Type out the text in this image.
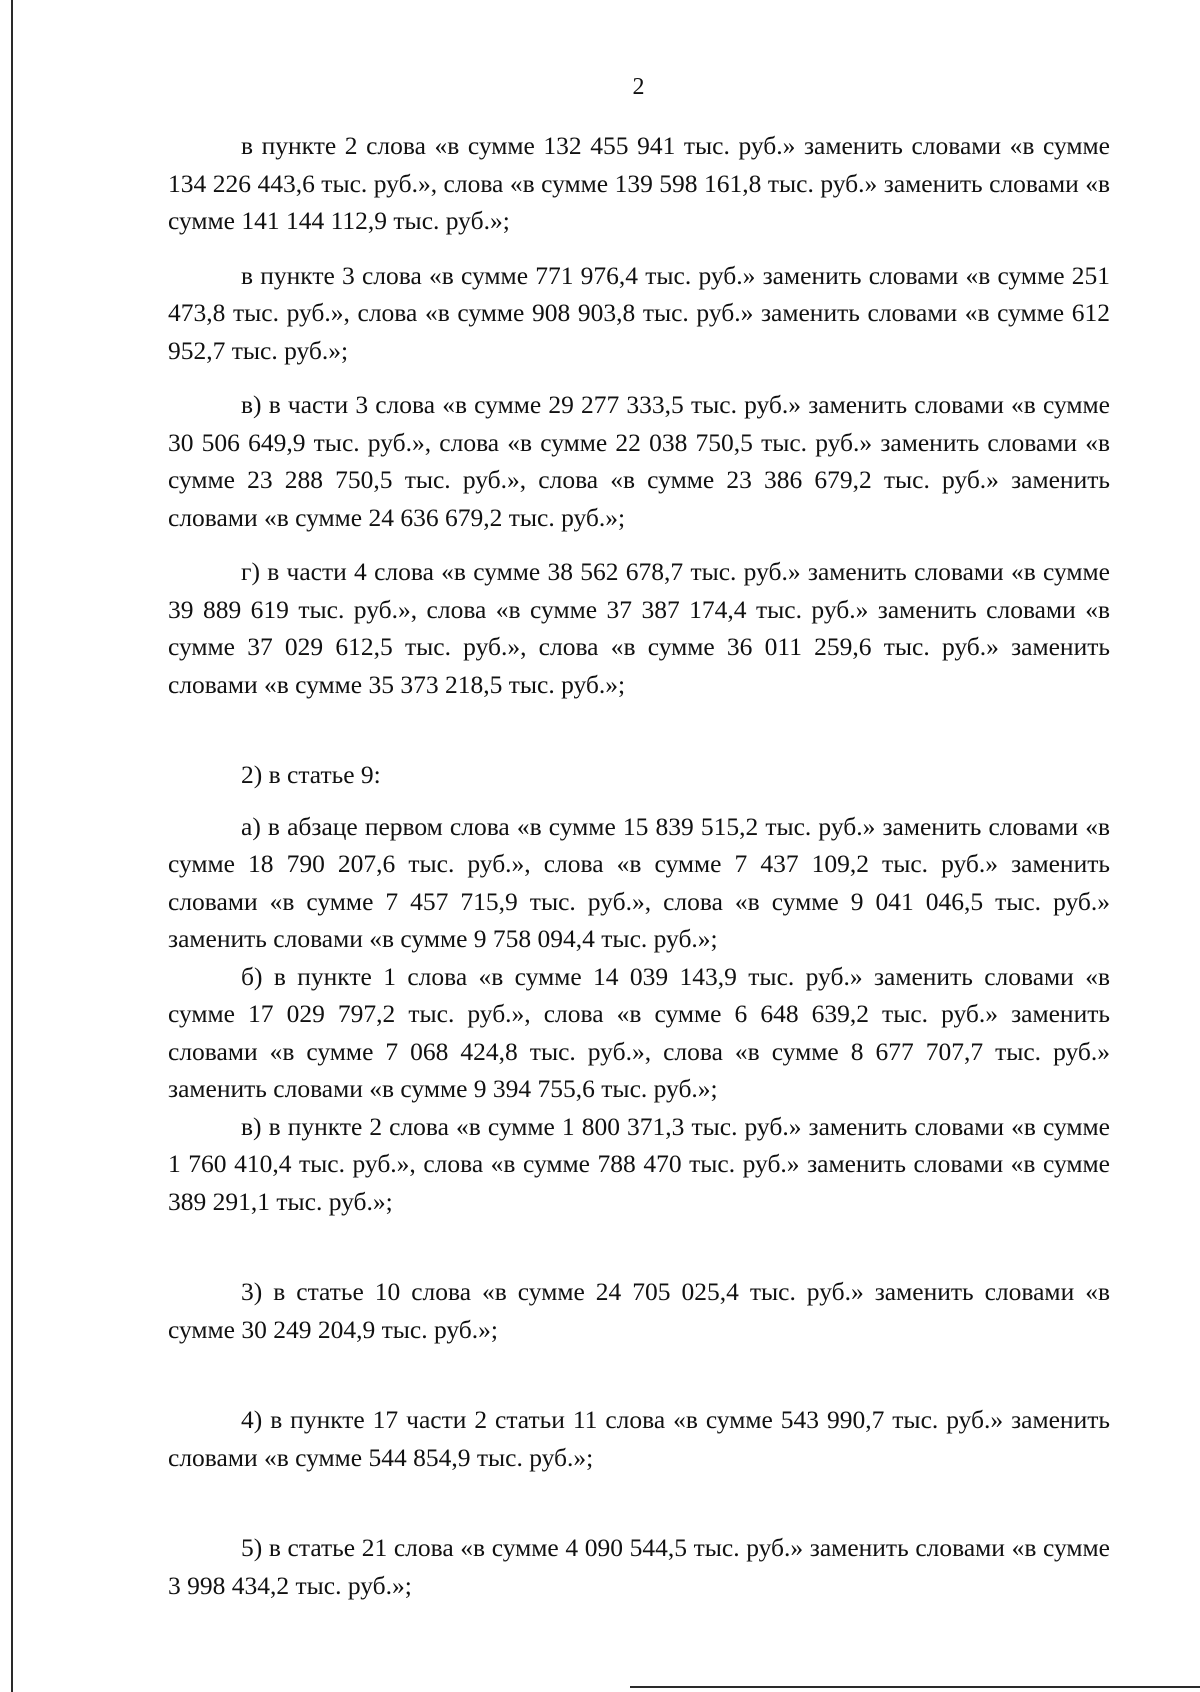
2

в пункте 2 слова «в сумме 132 455 941 тыс. руб.» заменить словами «в сумме 134 226 443,6 тыс. руб.», слова «в сумме 139 598 161,8 тыс. руб.» заменить словами «в сумме 141 144 112,9 тыс. руб.»;

в пункте 3 слова «в сумме 771 976,4 тыс. руб.» заменить словами «в сумме 251 473,8 тыс. руб.», слова «в сумме 908 903,8 тыс. руб.» заменить словами «в сумме 612 952,7 тыс. руб.»;

в) в части 3 слова «в сумме 29 277 333,5 тыс. руб.» заменить словами «в сумме 30 506 649,9 тыс. руб.», слова «в сумме 22 038 750,5 тыс. руб.» заменить словами «в сумме 23 288 750,5 тыс. руб.», слова «в сумме 23 386 679,2 тыс. руб.» заменить словами «в сумме 24 636 679,2 тыс. руб.»;

г) в части 4 слова «в сумме 38 562 678,7 тыс. руб.» заменить словами «в сумме 39 889 619 тыс. руб.», слова «в сумме 37 387 174,4 тыс. руб.» заменить словами «в сумме 37 029 612,5 тыс. руб.», слова «в сумме 36 011 259,6 тыс. руб.» заменить словами «в сумме 35 373 218,5 тыс. руб.»;

2) в статье 9:

а) в абзаце первом слова «в сумме 15 839 515,2 тыс. руб.» заменить словами «в сумме 18 790 207,6 тыс. руб.», слова «в сумме 7 437 109,2 тыс. руб.» заменить словами «в сумме 7 457 715,9 тыс. руб.», слова «в сумме 9 041 046,5 тыс. руб.» заменить словами «в сумме 9 758 094,4 тыс. руб.»;

б) в пункте 1 слова «в сумме 14 039 143,9 тыс. руб.» заменить словами «в сумме 17 029 797,2 тыс. руб.», слова «в сумме 6 648 639,2 тыс. руб.» заменить словами «в сумме 7 068 424,8 тыс. руб.», слова «в сумме 8 677 707,7 тыс. руб.» заменить словами «в сумме 9 394 755,6 тыс. руб.»;

в) в пункте 2 слова «в сумме 1 800 371,3 тыс. руб.» заменить словами «в сумме 1 760 410,4 тыс. руб.», слова «в сумме 788 470 тыс. руб.» заменить словами «в сумме 389 291,1 тыс. руб.»;

3) в статье 10 слова «в сумме 24 705 025,4 тыс. руб.» заменить словами «в сумме 30 249 204,9 тыс. руб.»;

4) в пункте 17 части 2 статьи 11 слова «в сумме 543 990,7 тыс. руб.» заменить словами «в сумме 544 854,9 тыс. руб.»;

5) в статье 21 слова «в сумме 4 090 544,5 тыс. руб.» заменить словами «в сумме 3 998 434,2 тыс. руб.»;
